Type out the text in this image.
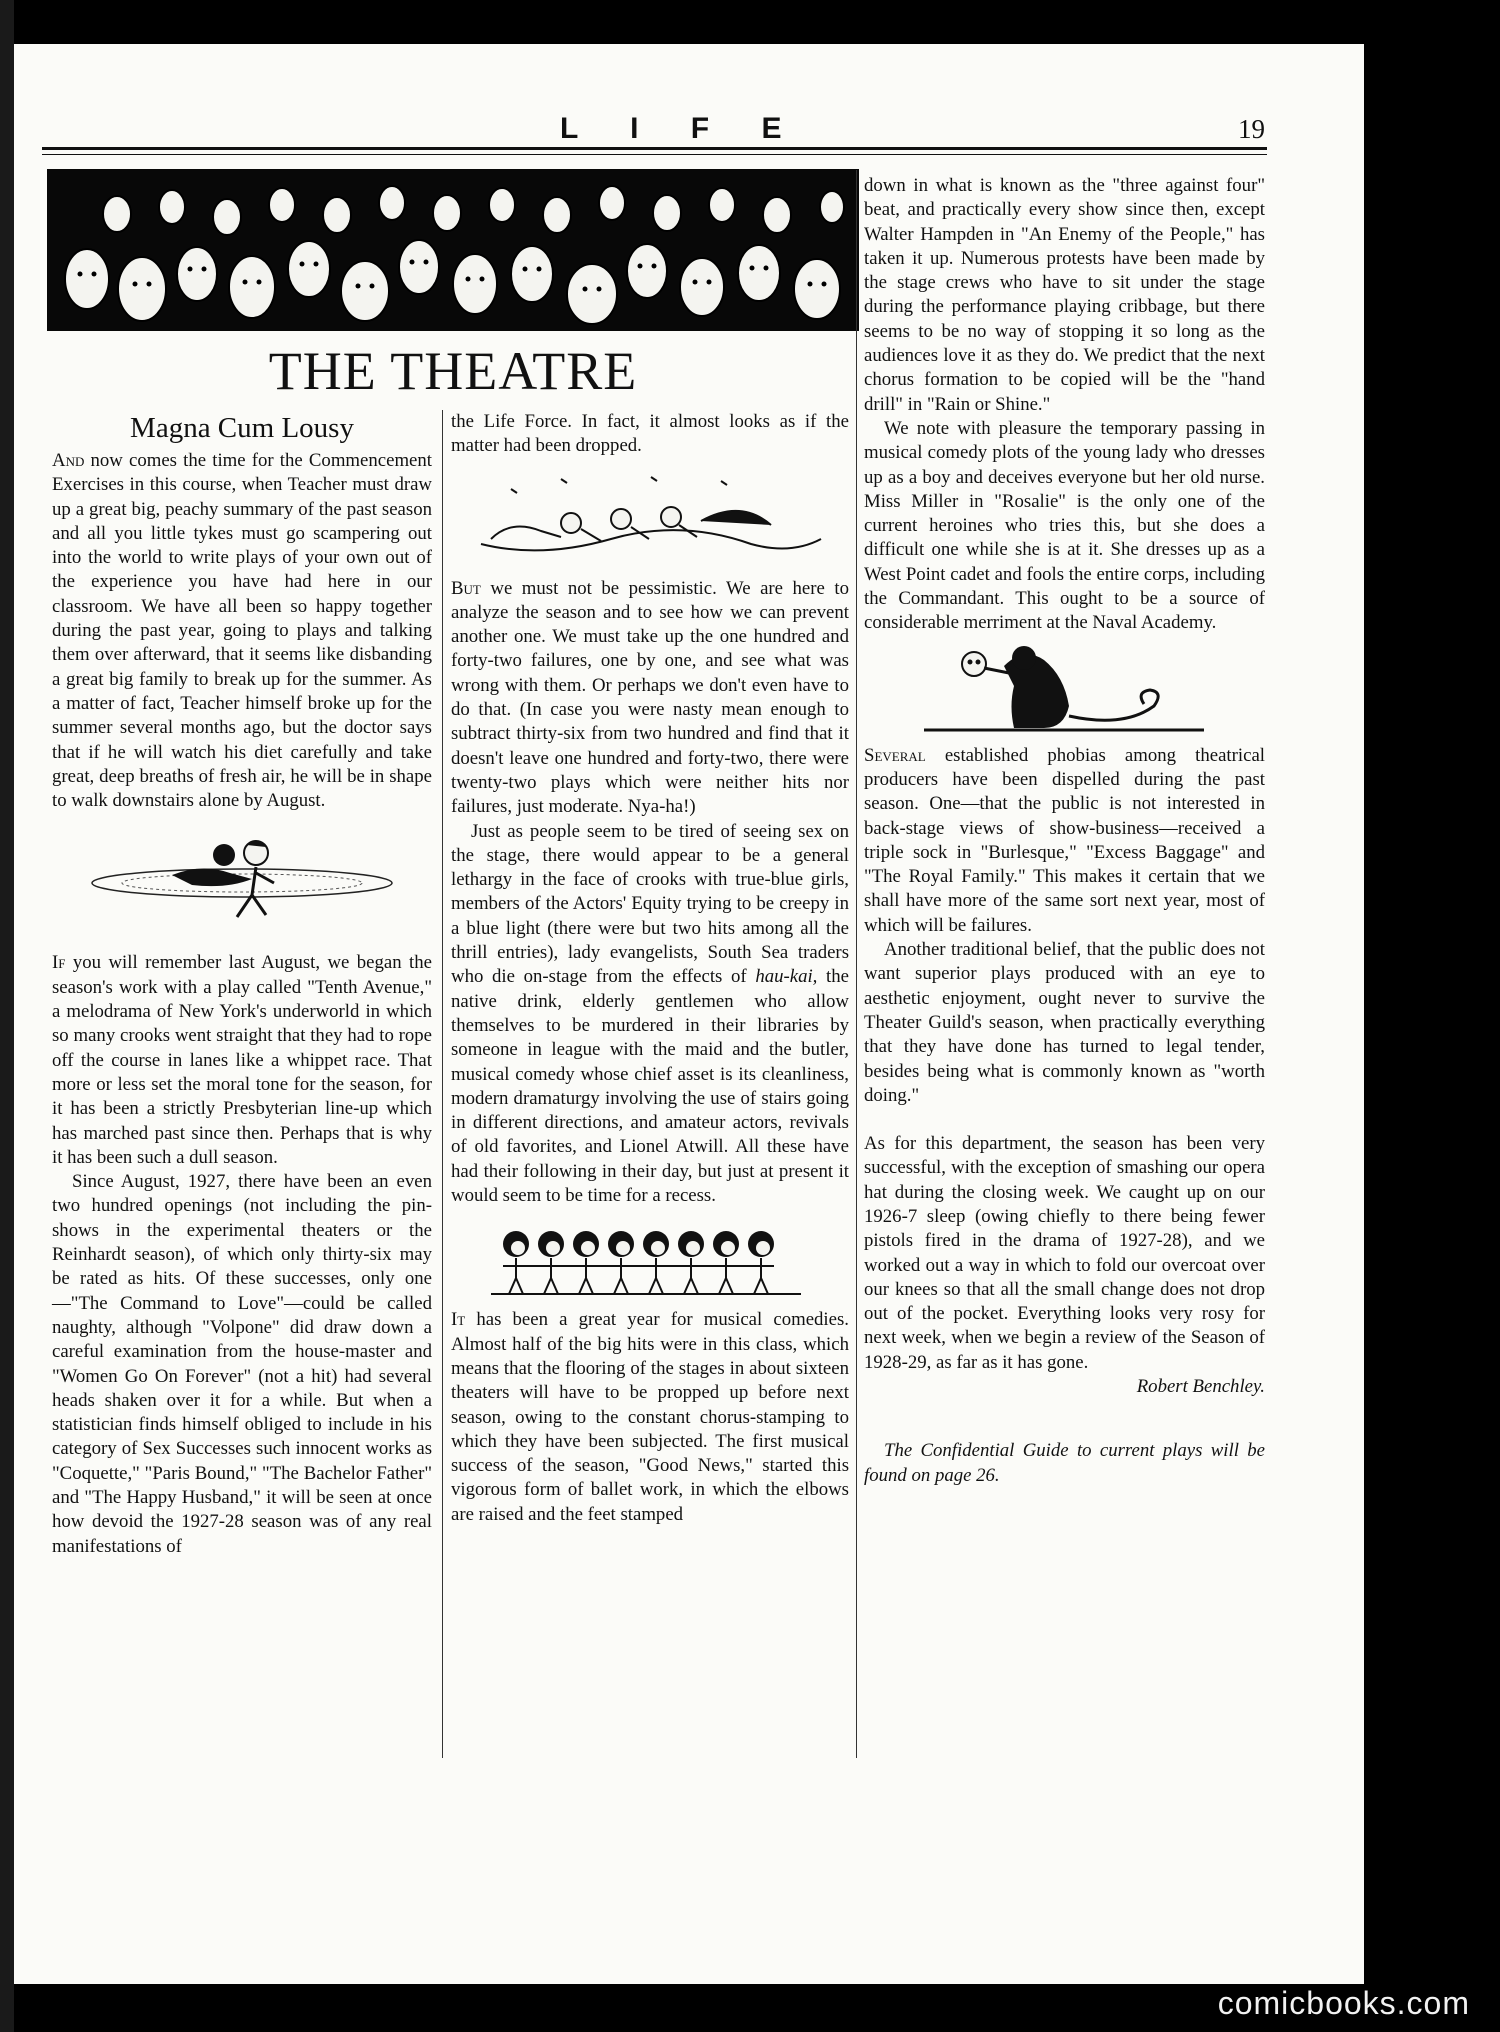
L I F E	19
THE THEATRE
Magna Cum Lousy

And now comes the time for the Commencement Exercises in this course, when Teacher must draw up a great big, peachy summary of the past season and all you little tykes must go scampering out into the world to write plays of your own out of the experience you have had here in our classroom. We have all been so happy together during the past year, going to plays and talking them over afterward, that it seems like disbanding a great big family to break up for the summer. As a matter of fact, Teacher himself broke up for the summer several months ago, but the doctor says that if he will watch his diet carefully and take great, deep breaths of fresh air, he will be in shape to walk downstairs alone by August.

If you will remember last August, we began the season's work with a play called "Tenth Avenue," a melodrama of New York's underworld in which so many crooks went straight that they had to rope off the course in lanes like a whippet race. That more or less set the moral tone for the season, for it has been a strictly Presbyterian line-up which has marched past since then. Perhaps that is why it has been such a dull season.

Since August, 1927, there have been an even two hundred openings (not including the pin-shows in the experimental theaters or the Reinhardt season), of which only thirty-six may be rated as hits. Of these successes, only one—"The Command to Love"—could be called naughty, although "Volpone" did draw down a careful examination from the house-master and "Women Go On Forever" (not a hit) had several heads shaken over it for a while. But when a statistician finds himself obliged to include in his category of Sex Successes such innocent works as "Coquette," "Paris Bound," "The Bachelor Father" and "The Happy Husband," it will be seen at once how devoid the 1927-28 season was of any real manifestations of

the Life Force. In fact, it almost looks as if the matter had been dropped.

But we must not be pessimistic. We are here to analyze the season and to see how we can prevent another one. We must take up the one hundred and forty-two failures, one by one, and see what was wrong with them. Or perhaps we don't even have to do that. (In case you were nasty mean enough to subtract thirty-six from two hundred and find that it doesn't leave one hundred and forty-two, there were twenty-two plays which were neither hits nor failures, just moderate. Nya-ha!)

Just as people seem to be tired of seeing sex on the stage, there would appear to be a general lethargy in the face of crooks with true-blue girls, members of the Actors' Equity trying to be creepy in a blue light (there were but two hits among all the thrill entries), lady evangelists, South Sea traders who die on-stage from the effects of hau-kai, the native drink, elderly gentlemen who allow themselves to be murdered in their libraries by someone in league with the maid and the butler, musical comedy whose chief asset is its cleanliness, modern dramaturgy involving the use of stairs going in different directions, and amateur actors, revivals of old favorites, and Lionel Atwill. All these have had their following in their day, but just at present it would seem to be time for a recess.

It has been a great year for musical comedies. Almost half of the big hits were in this class, which means that the flooring of the stages in about sixteen theaters will have to be propped up before next season, owing to the constant chorus-stamping to which they have been subjected. The first musical success of the season, "Good News," started this vigorous form of ballet work, in which the elbows are raised and the feet stamped

down in what is known as the "three against four" beat, and practically every show since then, except Walter Hampden in "An Enemy of the People," has taken it up. Numerous protests have been made by the stage crews who have to sit under the stage during the performance playing cribbage, but there seems to be no way of stopping it so long as the audiences love it as they do. We predict that the next chorus formation to be copied will be the "hand drill" in "Rain or Shine."

We note with pleasure the temporary passing in musical comedy plots of the young lady who dresses up as a boy and deceives everyone but her old nurse. Miss Miller in "Rosalie" is the only one of the current heroines who tries this, but she does a difficult one while she is at it. She dresses up as a West Point cadet and fools the entire corps, including the Commandant. This ought to be a source of considerable merriment at the Naval Academy.

Several established phobias among theatrical producers have been dispelled during the past season. One—that the public is not interested in back-stage views of show-business—received a triple sock in "Burlesque," "Excess Baggage" and "The Royal Family." This makes it certain that we shall have more of the same sort next year, most of which will be failures.

Another traditional belief, that the public does not want superior plays produced with an eye to aesthetic enjoyment, ought never to survive the Theater Guild's season, when practically everything that they have done has turned to legal tender, besides being what is commonly known as "worth doing."

As for this department, the season has been very successful, with the exception of smashing our opera hat during the closing week. We caught up on our 1926-7 sleep (owing chiefly to there being fewer pistols fired in the drama of 1927-28), and we worked out a way in which to fold our overcoat over our knees so that all the small change does not drop out of the pocket. Everything looks very rosy for next week, when we begin a review of the Season of 1928-29, as far as it has gone.

Robert Benchley.

The Confidential Guide to current plays will be found on page 26.

comicbooks.com
